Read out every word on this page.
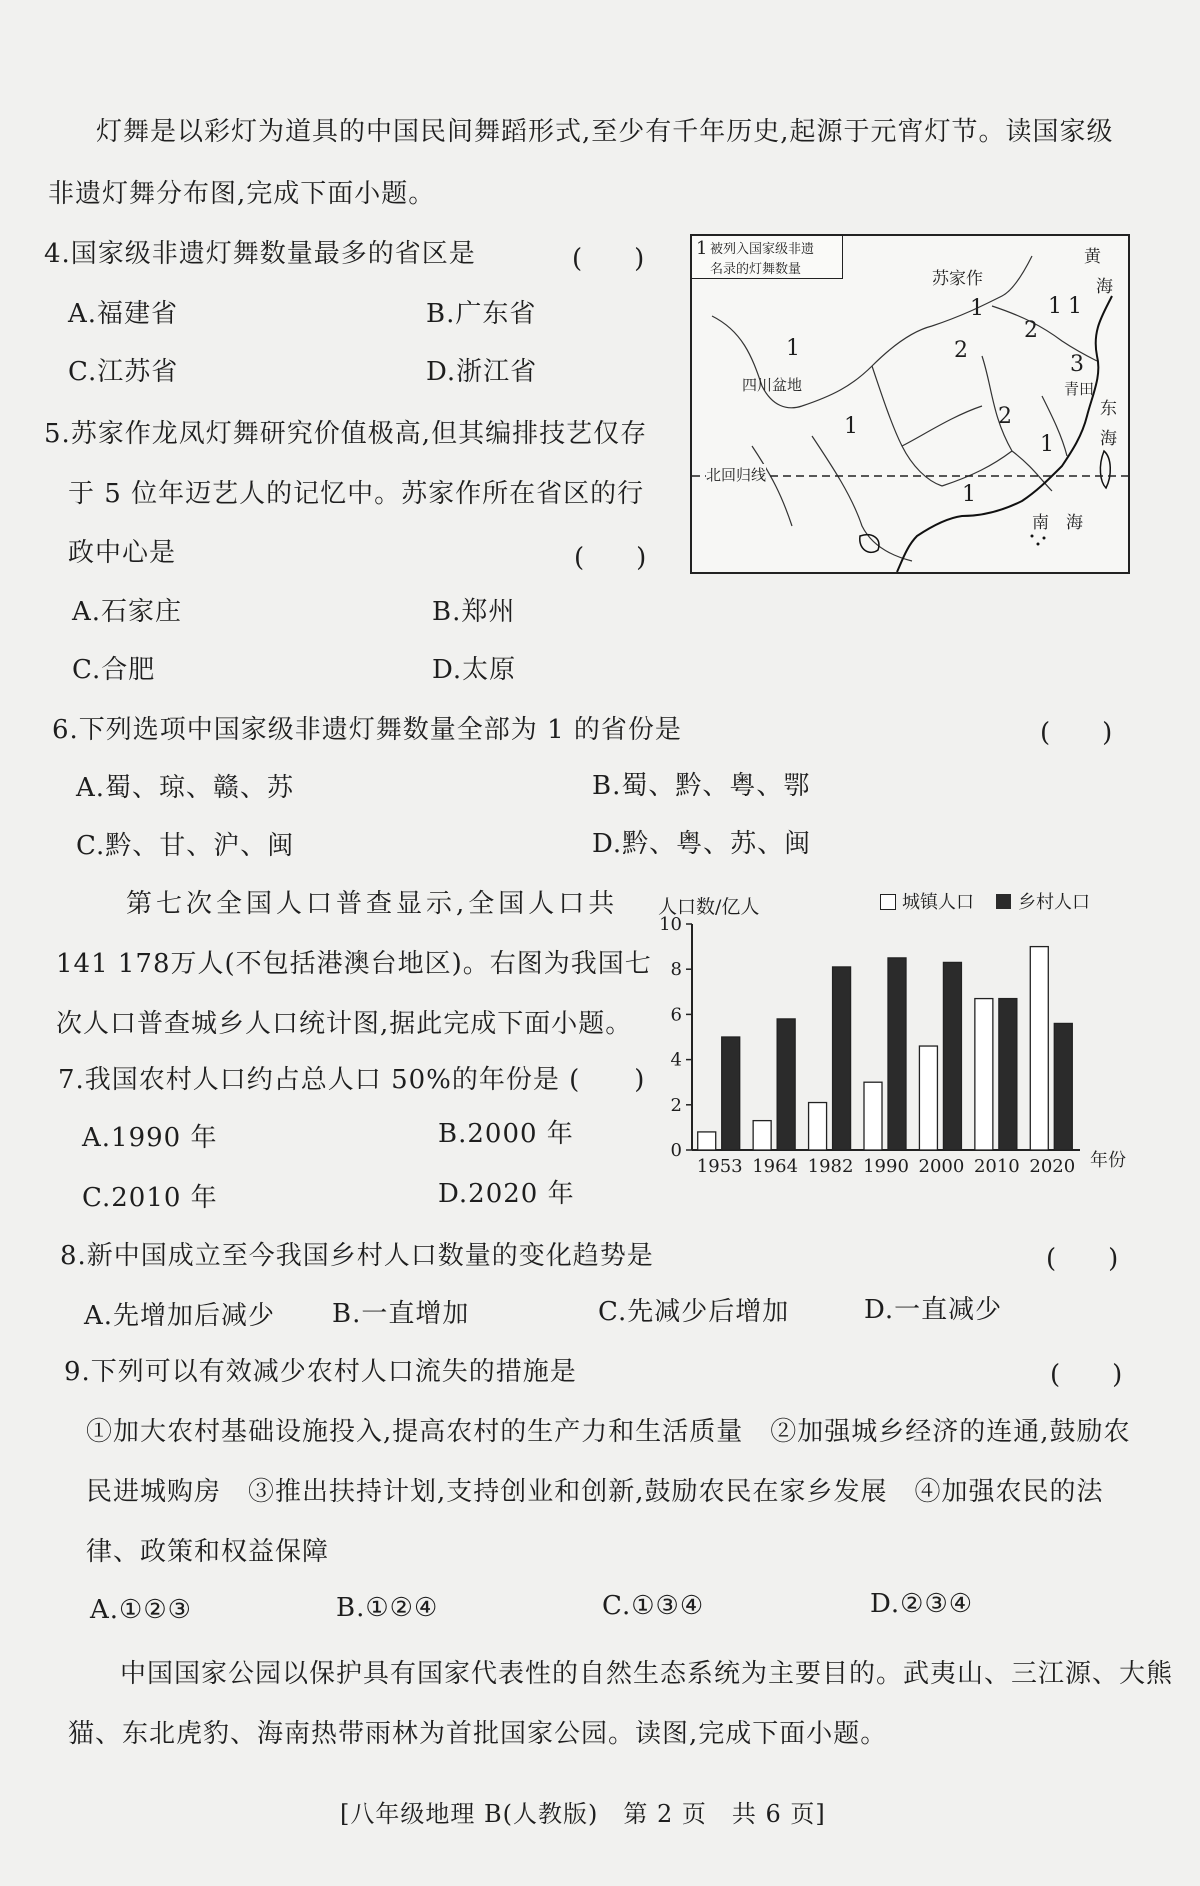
灯舞是以彩灯为道具的中国民间舞蹈形式,至少有千年历史,起源于元宵灯节。读国家级
非遗灯舞分布图,完成下面小题。
4.国家级非遗灯舞数量最多的省区是	(　　)
A.福建省	B.广东省
C.江苏省	D.浙江省
5.苏家作龙凤灯舞研究价值极高,但其编排技艺仅存
于 5 位年迈艺人的记忆中。苏家作所在省区的行
政中心是	(　　)
A.石家庄	B.郑州
C.合肥	D.太原
1 被列入国家级非遗
名录的灯舞数量	苏家作
四川盆地
北回归线
黄
海
东
海
南　海
青田
1	1
2
1
1
2
3
1	2
1
1
6.下列选项中国家级非遗灯舞数量全部为 1 的省份是	(　　)
A.蜀、琼、赣、苏	B.蜀、黔、粤、鄂
C.黔、甘、沪、闽	D.黔、粤、苏、闽
第七次全国人口普查显示,全国人口共
141 178万人(不包括港澳台地区)。右图为我国七
次人口普查城乡人口统计图,据此完成下面小题。
7.我国农村人口约占总人口 50%的年份是 (　　)
A.1990 年	B.2000 年
C.2010 年	D.2020 年
人口数/亿人	城镇人口 乡村人口
0
2
4
6
8
10
1953 1964 1982 1990 2000 2010 2020 年份
8.新中国成立至今我国乡村人口数量的变化趋势是	(　　)
A.先增加后减少 B.一直增加	C.先减少后增加	D.一直减少
9.下列可以有效减少农村人口流失的措施是	(　　)
①加大农村基础设施投入,提高农村的生产力和生活质量　②加强城乡经济的连通,鼓励农
民进城购房　③推出扶持计划,支持创业和创新,鼓励农民在家乡发展　④加强农民的法
律、政策和权益保障
A.①②③	B.①②④	C.①③④	D.②③④
中国国家公园以保护具有国家代表性的自然生态系统为主要目的。武夷山、三江源、大熊
猫、东北虎豹、海南热带雨林为首批国家公园。读图,完成下面小题。
[八年级地理 B(人教版)　第 2 页　共 6 页]
